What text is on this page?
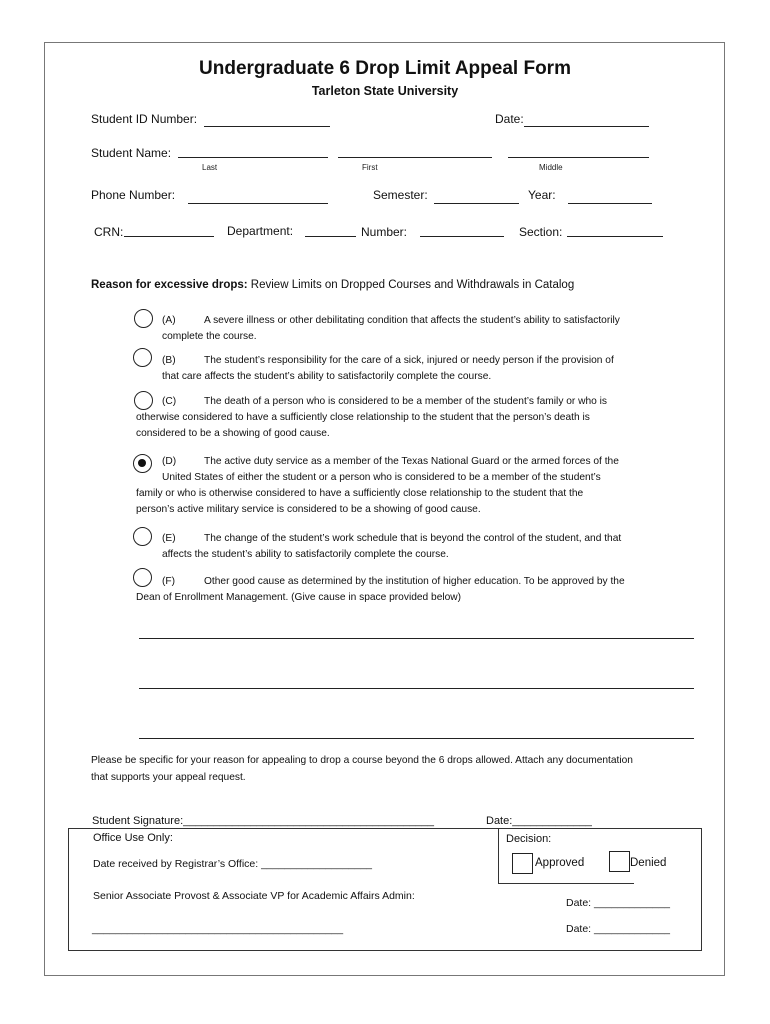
Undergraduate 6 Drop Limit Appeal Form
Tarleton State University
Student ID Number:	Date:
Student Name:
Last	First	Middle
Phone Number:	Semester:	Year:
CRN:	Department:	Number:	Section:
Reason for excessive drops: Review Limits on Dropped Courses and Withdrawals in Catalog
(A)	A severe illness or other debilitating condition that affects the student’s ability to satisfactorily
complete the course.
(B)	The student’s responsibility for the care of a sick, injured or needy person if the provision of
that care affects the student’s ability to satisfactorily complete the course.
(C)	The death of a person who is considered to be a member of the student’s family or who is
otherwise considered to have a sufficiently close relationship to the student that the person’s death is
considered to be a showing of good cause.
(D)	The active duty service as a member of the Texas National Guard or the armed forces of the
United States of either the student or a person who is considered to be a member of the student’s
family or who is otherwise considered to have a sufficiently close relationship to the student that the
person’s active military service is considered to be a showing of good cause.
(E)	The change of the student’s work schedule that is beyond the control of the student, and that
affects the student’s ability to satisfactorily complete the course.
(F)	Other good cause as determined by the institution of higher education. To be approved by the
Dean of Enrollment Management. (Give cause in space provided below)
Please be specific for your reason for appealing to drop a course beyond the 6 drops allowed. Attach any documentation
that supports your appeal request.
Student Signature:_________________________________________	Date:_____________
Office Use Only:
Date received by Registrar’s Office: ___________________
Senior Associate Provost & Associate VP for Academic Affairs Admin:
___________________________________________
Date: _____________
Date: _____________
Decision:
Approved	Denied
